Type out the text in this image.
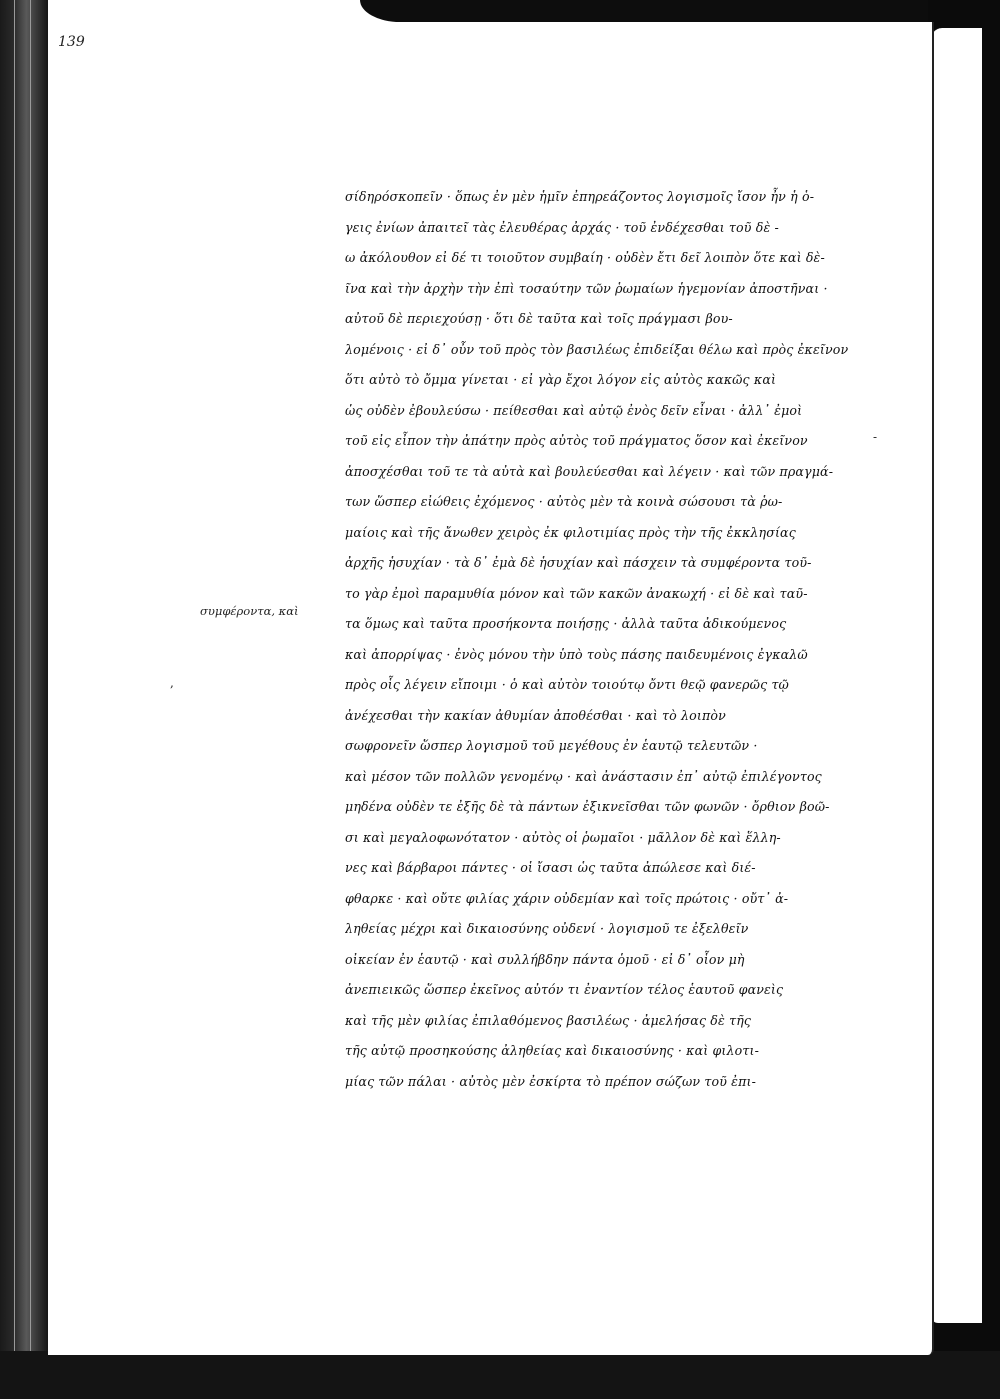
139
συμφέροντα, καὶ
-
,
σίδηρόσκοπεῖν · ὅπως ἐν μὲν ἡμῖν ἐπηρεάζοντος λογισμοῖς ἴσον ἦν ἡ ὁ-
γεις ἐνίων ἀπαιτεῖ τὰς ἐλευθέρας ἀρχάς · τοῦ ἐνδέχεσθαι τοῦ δὲ -
ω ἀκόλουθον εἰ δέ τι τοιοῦτον συμβαίη · οὐδὲν ἔτι δεῖ λοιπὸν ὅτε καὶ δὲ-
ῖνα καὶ τὴν ἀρχὴν τὴν ἐπὶ τοσαύτην τῶν ῥωμαίων ἡγεμονίαν ἀποστῆναι ·
αὐτοῦ δὲ περιεχούσῃ · ὅτι δὲ ταῦτα καὶ τοῖς πράγμασι βου-
λομένοις · εἰ δ᾽ οὖν τοῦ πρὸς τὸν βασιλέως ἐπιδείξαι θέλω καὶ πρὸς ἐκεῖνον
ὅτι αὐτὸ τὸ ὄμμα γίνεται · εἰ γὰρ ἔχοι λόγον εἰς αὐτὸς κακῶς καὶ
ὡς οὐδὲν ἐβουλεύσω · πείθεσθαι καὶ αὐτῷ ἐνὸς δεῖν εἶναι · ἀλλ᾽ ἐμοὶ
τοῦ εἰς εἶπον τὴν ἀπάτην πρὸς αὐτὸς τοῦ πράγματος ὅσον καὶ ἐκεῖνον
ἀποσχέσθαι τοῦ τε τὰ αὐτὰ καὶ βουλεύεσθαι καὶ λέγειν · καὶ τῶν πραγμά-
των ὥσπερ εἰώθεις ἐχόμενος · αὐτὸς μὲν τὰ κοινὰ σώσουσι τὰ ῥω-
μαίοις καὶ τῆς ἄνωθεν χειρὸς ἐκ φιλοτιμίας πρὸς τὴν τῆς ἐκκλησίας
ἀρχῆς ἡσυχίαν · τὰ δ᾽ ἐμὰ δὲ ἡσυχίαν καὶ πάσχειν τὰ συμφέροντα τοῦ-
το γὰρ ἐμοὶ παραμυθία μόνον καὶ τῶν κακῶν ἀνακωχή · εἰ δὲ καὶ ταῦ-
τα ὅμως καὶ ταῦτα προσήκοντα ποιήσῃς · ἀλλὰ ταῦτα ἀδικούμενος
καὶ ἀπορρίψας · ἐνὸς μόνου τὴν ὑπὸ τοὺς πάσης παιδευμένοις ἐγκαλῶ
πρὸς οἷς λέγειν εἴποιμι · ὁ καὶ αὐτὸν τοιούτῳ ὄντι θεῷ φανερῶς τῷ
ἀνέχεσθαι τὴν κακίαν ἀθυμίαν ἀποθέσθαι · καὶ τὸ λοιπὸν
σωφρονεῖν ὥσπερ λογισμοῦ τοῦ μεγέθους ἐν ἑαυτῷ τελευτῶν ·
καὶ μέσον τῶν πολλῶν γενομένῳ · καὶ ἀνάστασιν ἐπ᾽ αὐτῷ ἐπιλέγοντος
μηδένα οὐδὲν τε ἐξῆς δὲ τὰ πάντων ἐξικνεῖσθαι τῶν φωνῶν · ὄρθιον βοῶ-
σι καὶ μεγαλοφωνότατον · αὐτὸς οἱ ῥωμαῖοι · μᾶλλον δὲ καὶ ἕλλη-
νες καὶ βάρβαροι πάντες · οἱ ἴσασι ὡς ταῦτα ἀπώλεσε καὶ διέ-
φθαρκε · καὶ οὔτε φιλίας χάριν οὐδεμίαν καὶ τοῖς πρώτοις · οὔτ᾽ ἀ-
ληθείας μέχρι καὶ δικαιοσύνης οὐδενί · λογισμοῦ τε ἐξελθεῖν
οἰκείαν ἐν ἑαυτῷ · καὶ συλλήβδην πάντα ὁμοῦ · εἰ δ᾽ οἷον μὴ
ἀνεπιεικῶς ὥσπερ ἐκεῖνος αὐτόν τι ἐναντίον τέλος ἑαυτοῦ φανεὶς
καὶ τῆς μὲν φιλίας ἐπιλαθόμενος βασιλέως · ἀμελήσας δὲ τῆς
τῆς αὐτῷ προσηκούσης ἀληθείας καὶ δικαιοσύνης · καὶ φιλοτι-
μίας τῶν πάλαι · αὐτὸς μὲν ἐσκίρτα τὸ πρέπον σώζων τοῦ ἐπι-
